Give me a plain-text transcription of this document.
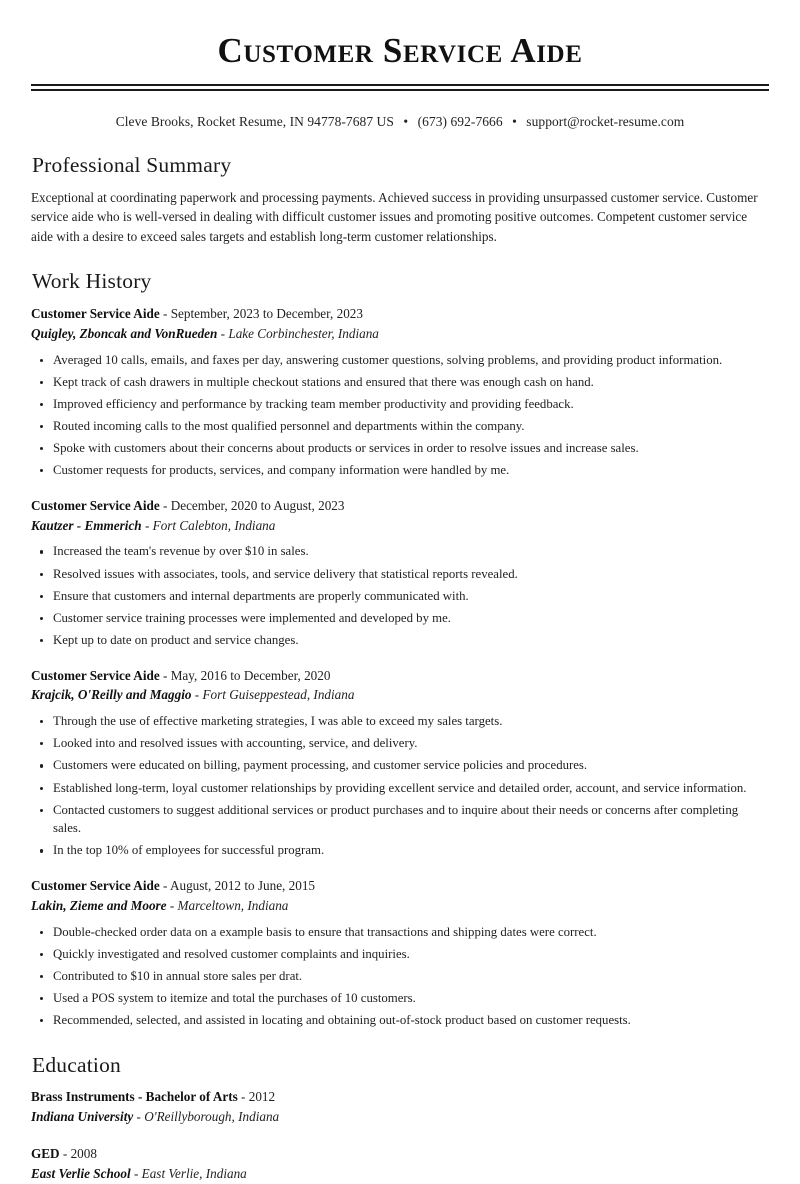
Customer Service Aide
Cleve Brooks, Rocket Resume, IN 94778-7687 US • (673) 692-7666 • support@rocket-resume.com
Professional Summary

Exceptional at coordinating paperwork and processing payments. Achieved success in providing unsurpassed customer service. Customer service aide who is well-versed in dealing with difficult customer issues and promoting positive outcomes. Competent customer service aide with a desire to exceed sales targets and establish long-term customer relationships.

Work History

Customer Service Aide - September, 2023 to December, 2023

Quigley, Zboncak and VonRueden - Lake Corbinchester, Indiana

Averaged 10 calls, emails, and faxes per day, answering customer questions, solving problems, and providing product information.
Kept track of cash drawers in multiple checkout stations and ensured that there was enough cash on hand.
Improved efficiency and performance by tracking team member productivity and providing feedback.
Routed incoming calls to the most qualified personnel and departments within the company.
Spoke with customers about their concerns about products or services in order to resolve issues and increase sales.
Customer requests for products, services, and company information were handled by me.

Customer Service Aide - December, 2020 to August, 2023

Kautzer - Emmerich - Fort Calebton, Indiana

Increased the team's revenue by over $10 in sales.
Resolved issues with associates, tools, and service delivery that statistical reports revealed.
Ensure that customers and internal departments are properly communicated with.
Customer service training processes were implemented and developed by me.
Kept up to date on product and service changes.

Customer Service Aide - May, 2016 to December, 2020

Krajcik, O'Reilly and Maggio - Fort Guiseppestead, Indiana

Through the use of effective marketing strategies, I was able to exceed my sales targets.
Looked into and resolved issues with accounting, service, and delivery.
Customers were educated on billing, payment processing, and customer service policies and procedures.
Established long-term, loyal customer relationships by providing excellent service and detailed order, account, and service information.
Contacted customers to suggest additional services or product purchases and to inquire about their needs or concerns after completing sales.
In the top 10% of employees for successful program.

Customer Service Aide - August, 2012 to June, 2015

Lakin, Zieme and Moore - Marceltown, Indiana

Double-checked order data on a example basis to ensure that transactions and shipping dates were correct.
Quickly investigated and resolved customer complaints and inquiries.
Contributed to $10 in annual store sales per drat.
Used a POS system to itemize and total the purchases of 10 customers.
Recommended, selected, and assisted in locating and obtaining out-of-stock product based on customer requests.
Education

Brass Instruments - Bachelor of Arts - 2012

Indiana University - O'Reillyborough, Indiana

GED - 2008

East Verlie School - East Verlie, Indiana
